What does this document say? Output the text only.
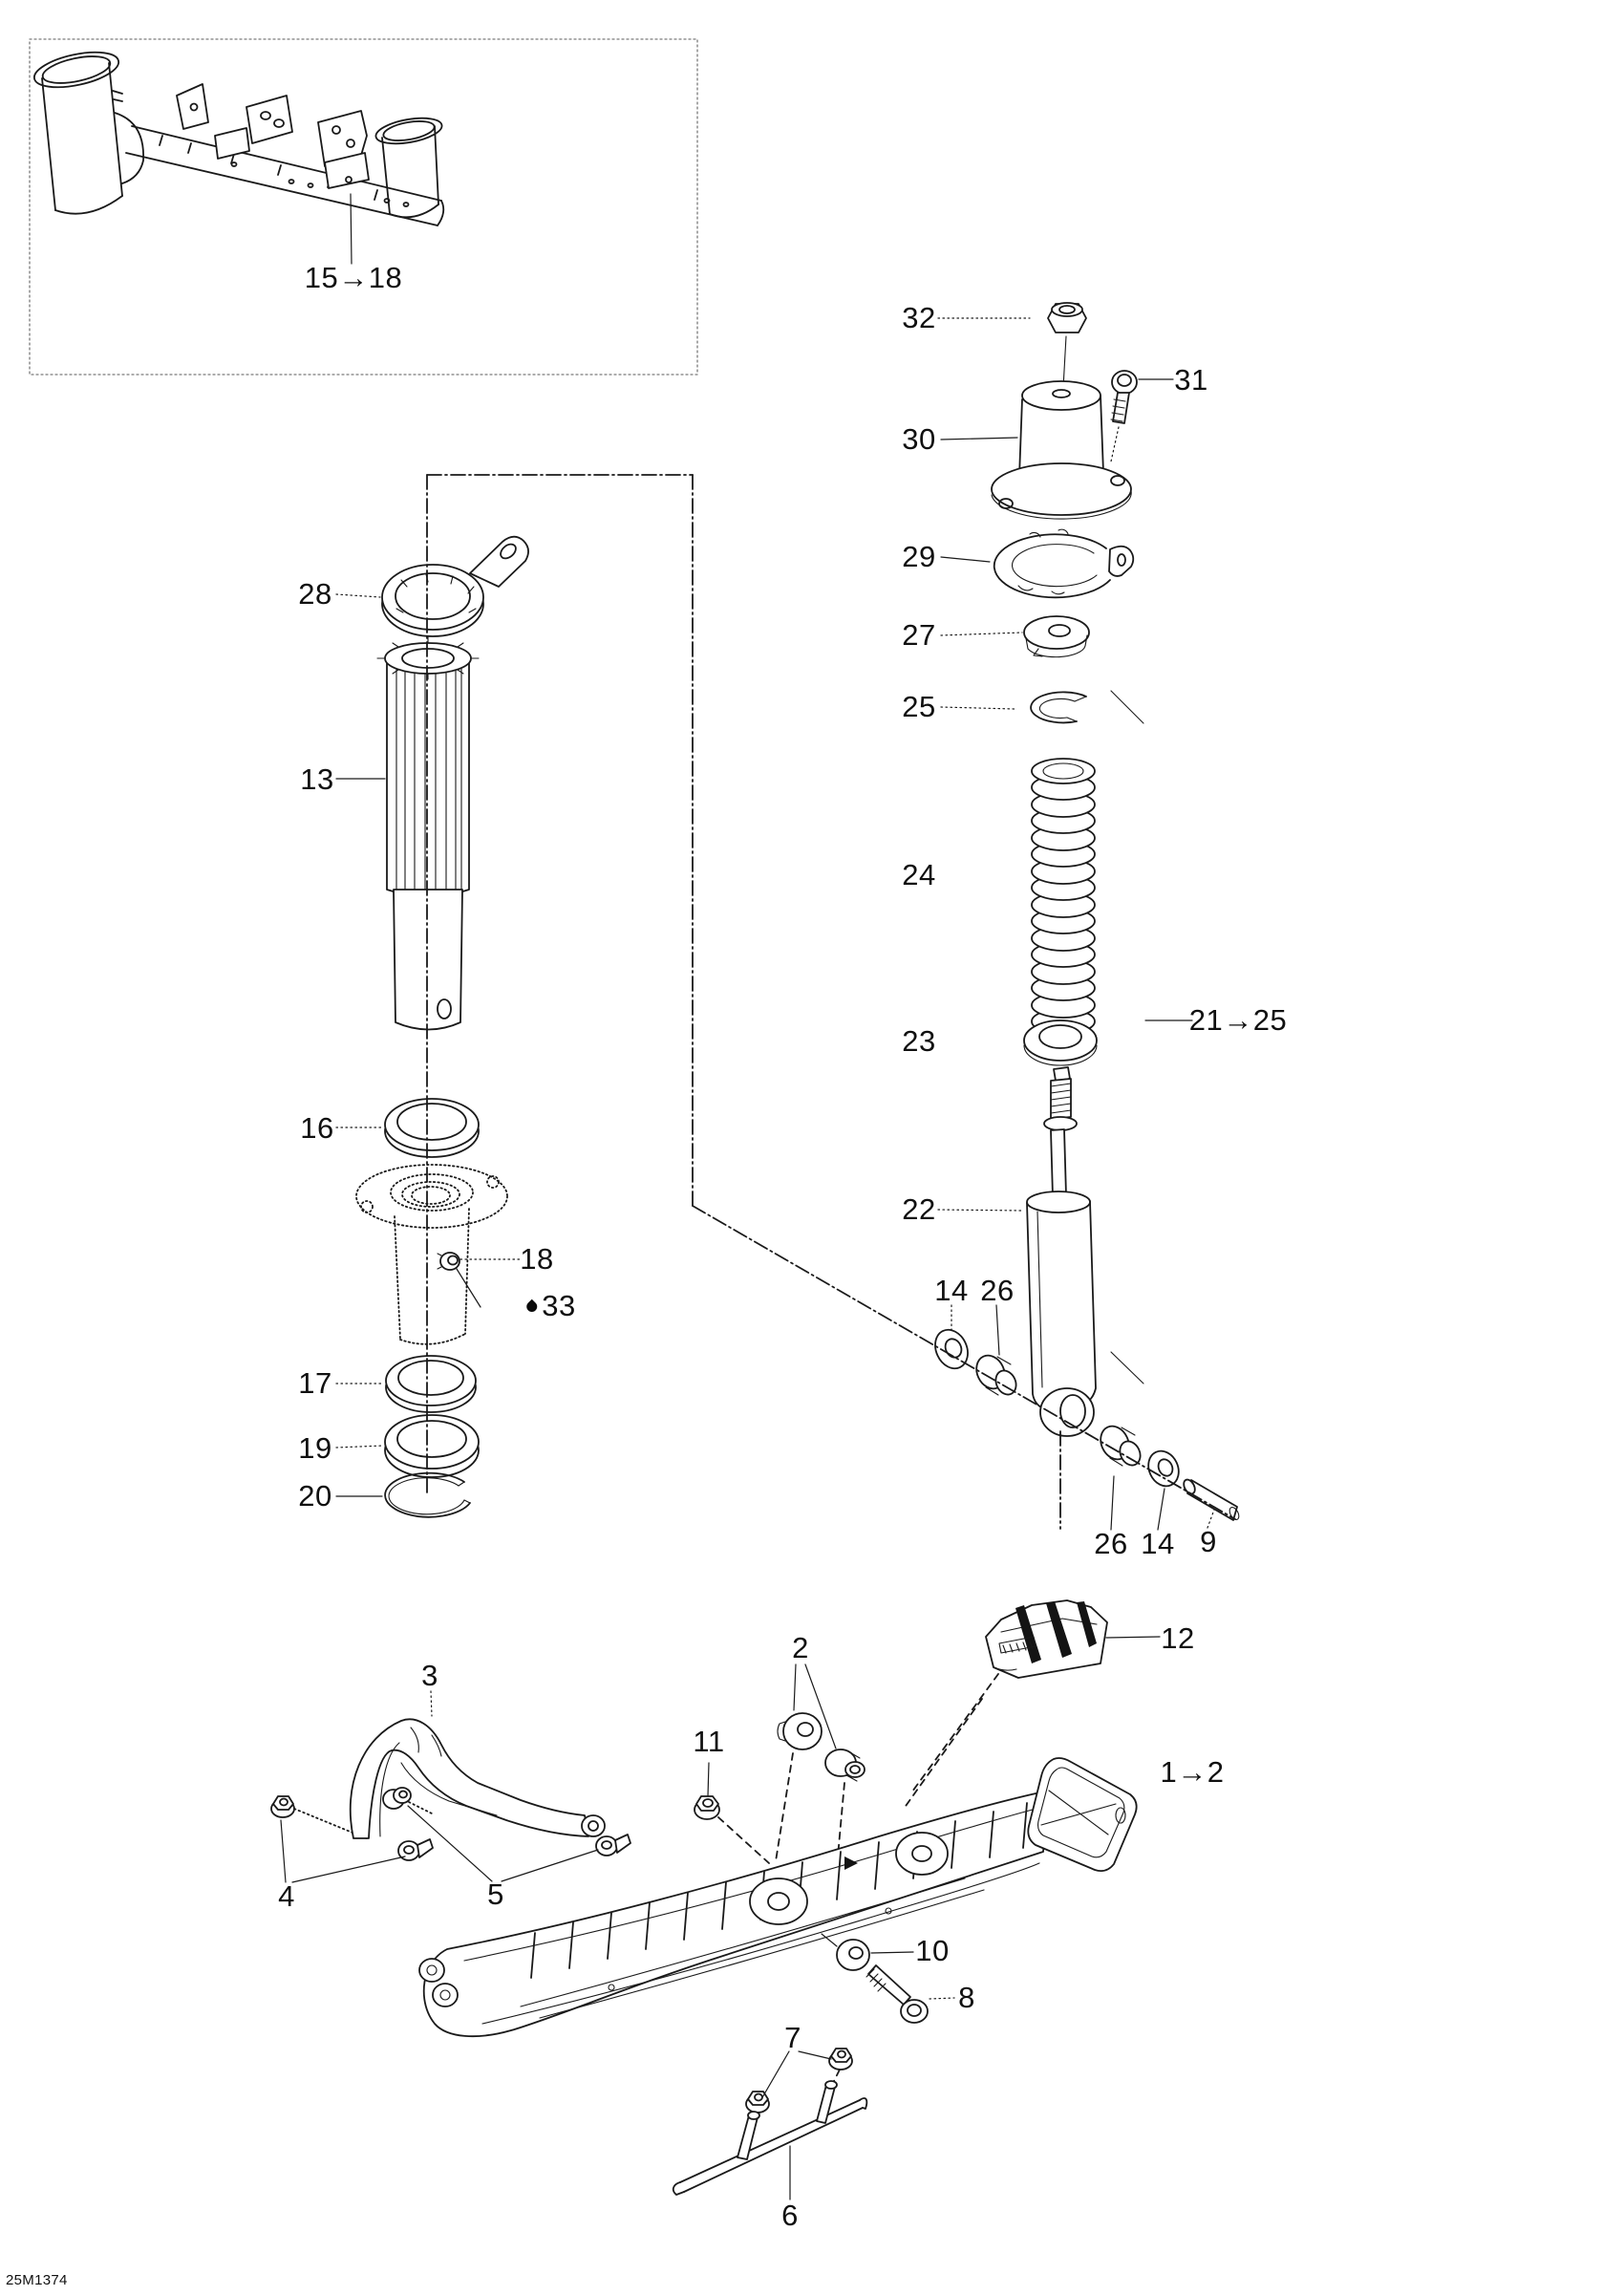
15→18
28
13
16
18
33
17
19
20
32
31
30
29
27
25
24
23
21→25
22
14 26
26 14 9
12
2
11
1→2
3
4	5
10
8
7
6
25M1374
